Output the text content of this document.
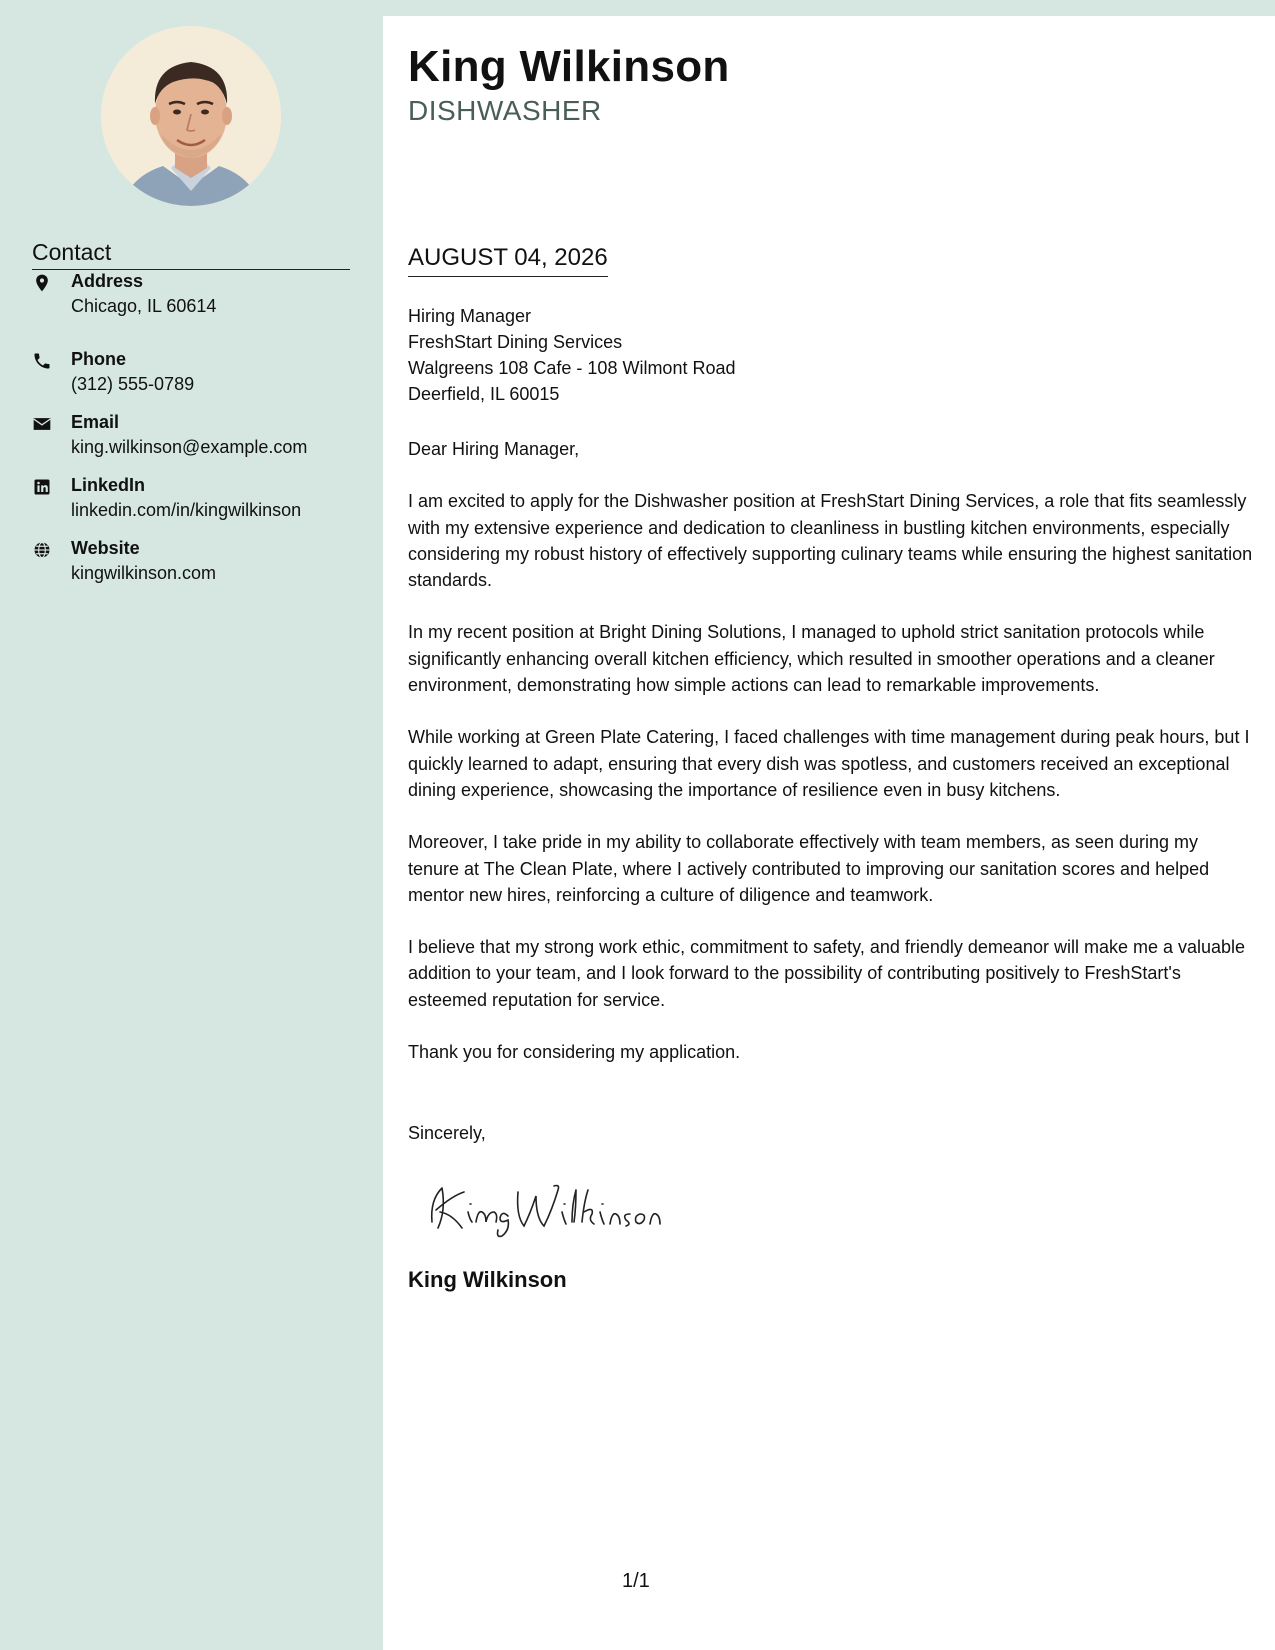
Contact
Address
Chicago, IL 60614
Phone
(312) 555-0789
Email
king.wilkinson@example.com
LinkedIn
linkedin.com/in/kingwilkinson
Website
kingwilkinson.com
King Wilkinson
DISHWASHER
AUGUST 04, 2026
Hiring Manager
FreshStart Dining Services
Walgreens 108 Cafe - 108 Wilmont Road
Deerfield, IL 60015

Dear Hiring Manager,

I am excited to apply for the Dishwasher position at FreshStart Dining Services, a role that fits seamlessly with my extensive experience and dedication to cleanliness in bustling kitchen environments, especially considering my robust history of effectively supporting culinary teams while ensuring the highest sanitation standards.

In my recent position at Bright Dining Solutions, I managed to uphold strict sanitation protocols while significantly enhancing overall kitchen efficiency, which resulted in smoother operations and a cleaner environment, demonstrating how simple actions can lead to remarkable improvements.

While working at Green Plate Catering, I faced challenges with time management during peak hours, but I quickly learned to adapt, ensuring that every dish was spotless, and customers received an exceptional dining experience, showcasing the importance of resilience even in busy kitchens.

Moreover, I take pride in my ability to collaborate effectively with team members, as seen during my tenure at The Clean Plate, where I actively contributed to improving our sanitation scores and helped mentor new hires, reinforcing a culture of diligence and teamwork.

I believe that my strong work ethic, commitment to safety, and friendly demeanor will make me a valuable addition to your team, and I look forward to the possibility of contributing positively to FreshStart's esteemed reputation for service.

Thank you for considering my application.

Sincerely,
King Wilkinson
1/1
